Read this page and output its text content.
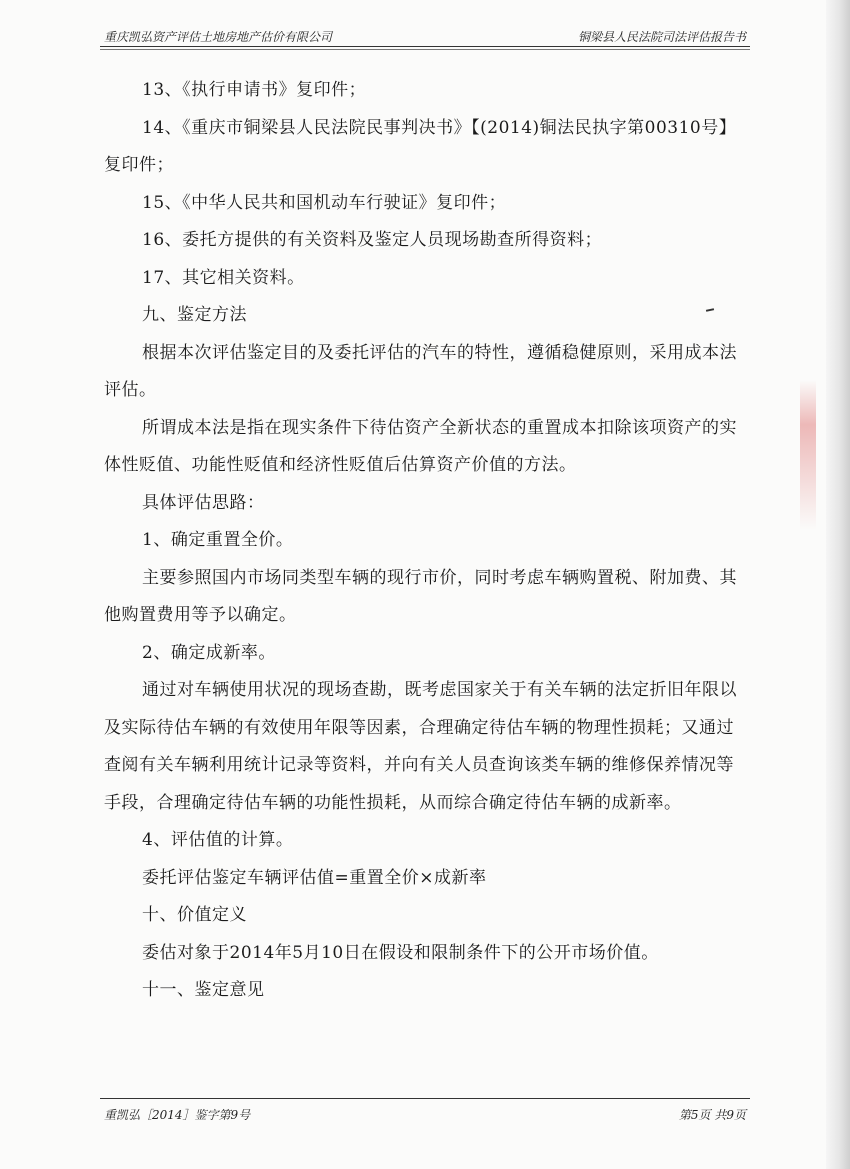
重庆凯弘资产评估土地房地产估价有限公司	铜梁县人民法院司法评估报告书

13、《执行申请书》复印件；

14、《重庆市铜梁县人民法院民事判决书》【(2014)铜法民执字第00310号】复印件；

15、《中华人民共和国机动车行驶证》复印件；

16、委托方提供的有关资料及鉴定人员现场勘查所得资料；

17、其它相关资料。

九、鉴定方法

根据本次评估鉴定目的及委托评估的汽车的特性，遵循稳健原则，采用成本法评估。

所谓成本法是指在现实条件下待估资产全新状态的重置成本扣除该项资产的实体性贬值、功能性贬值和经济性贬值后估算资产价值的方法。

具体评估思路：

1、确定重置全价。

主要参照国内市场同类型车辆的现行市价，同时考虑车辆购置税、附加费、其他购置费用等予以确定。

2、确定成新率。

通过对车辆使用状况的现场查勘，既考虑国家关于有关车辆的法定折旧年限以及实际待估车辆的有效使用年限等因素，合理确定待估车辆的物理性损耗；又通过查阅有关车辆利用统计记录等资料，并向有关人员查询该类车辆的维修保养情况等手段，合理确定待估车辆的功能性损耗，从而综合确定待估车辆的成新率。

4、评估值的计算。

委托评估鉴定车辆评估值=重置全价×成新率

十、价值定义

委估对象于2014年5月10日在假设和限制条件下的公开市场价值。

十一、鉴定意见

重凯弘［2014］鉴字第9号	第5页 共9页
